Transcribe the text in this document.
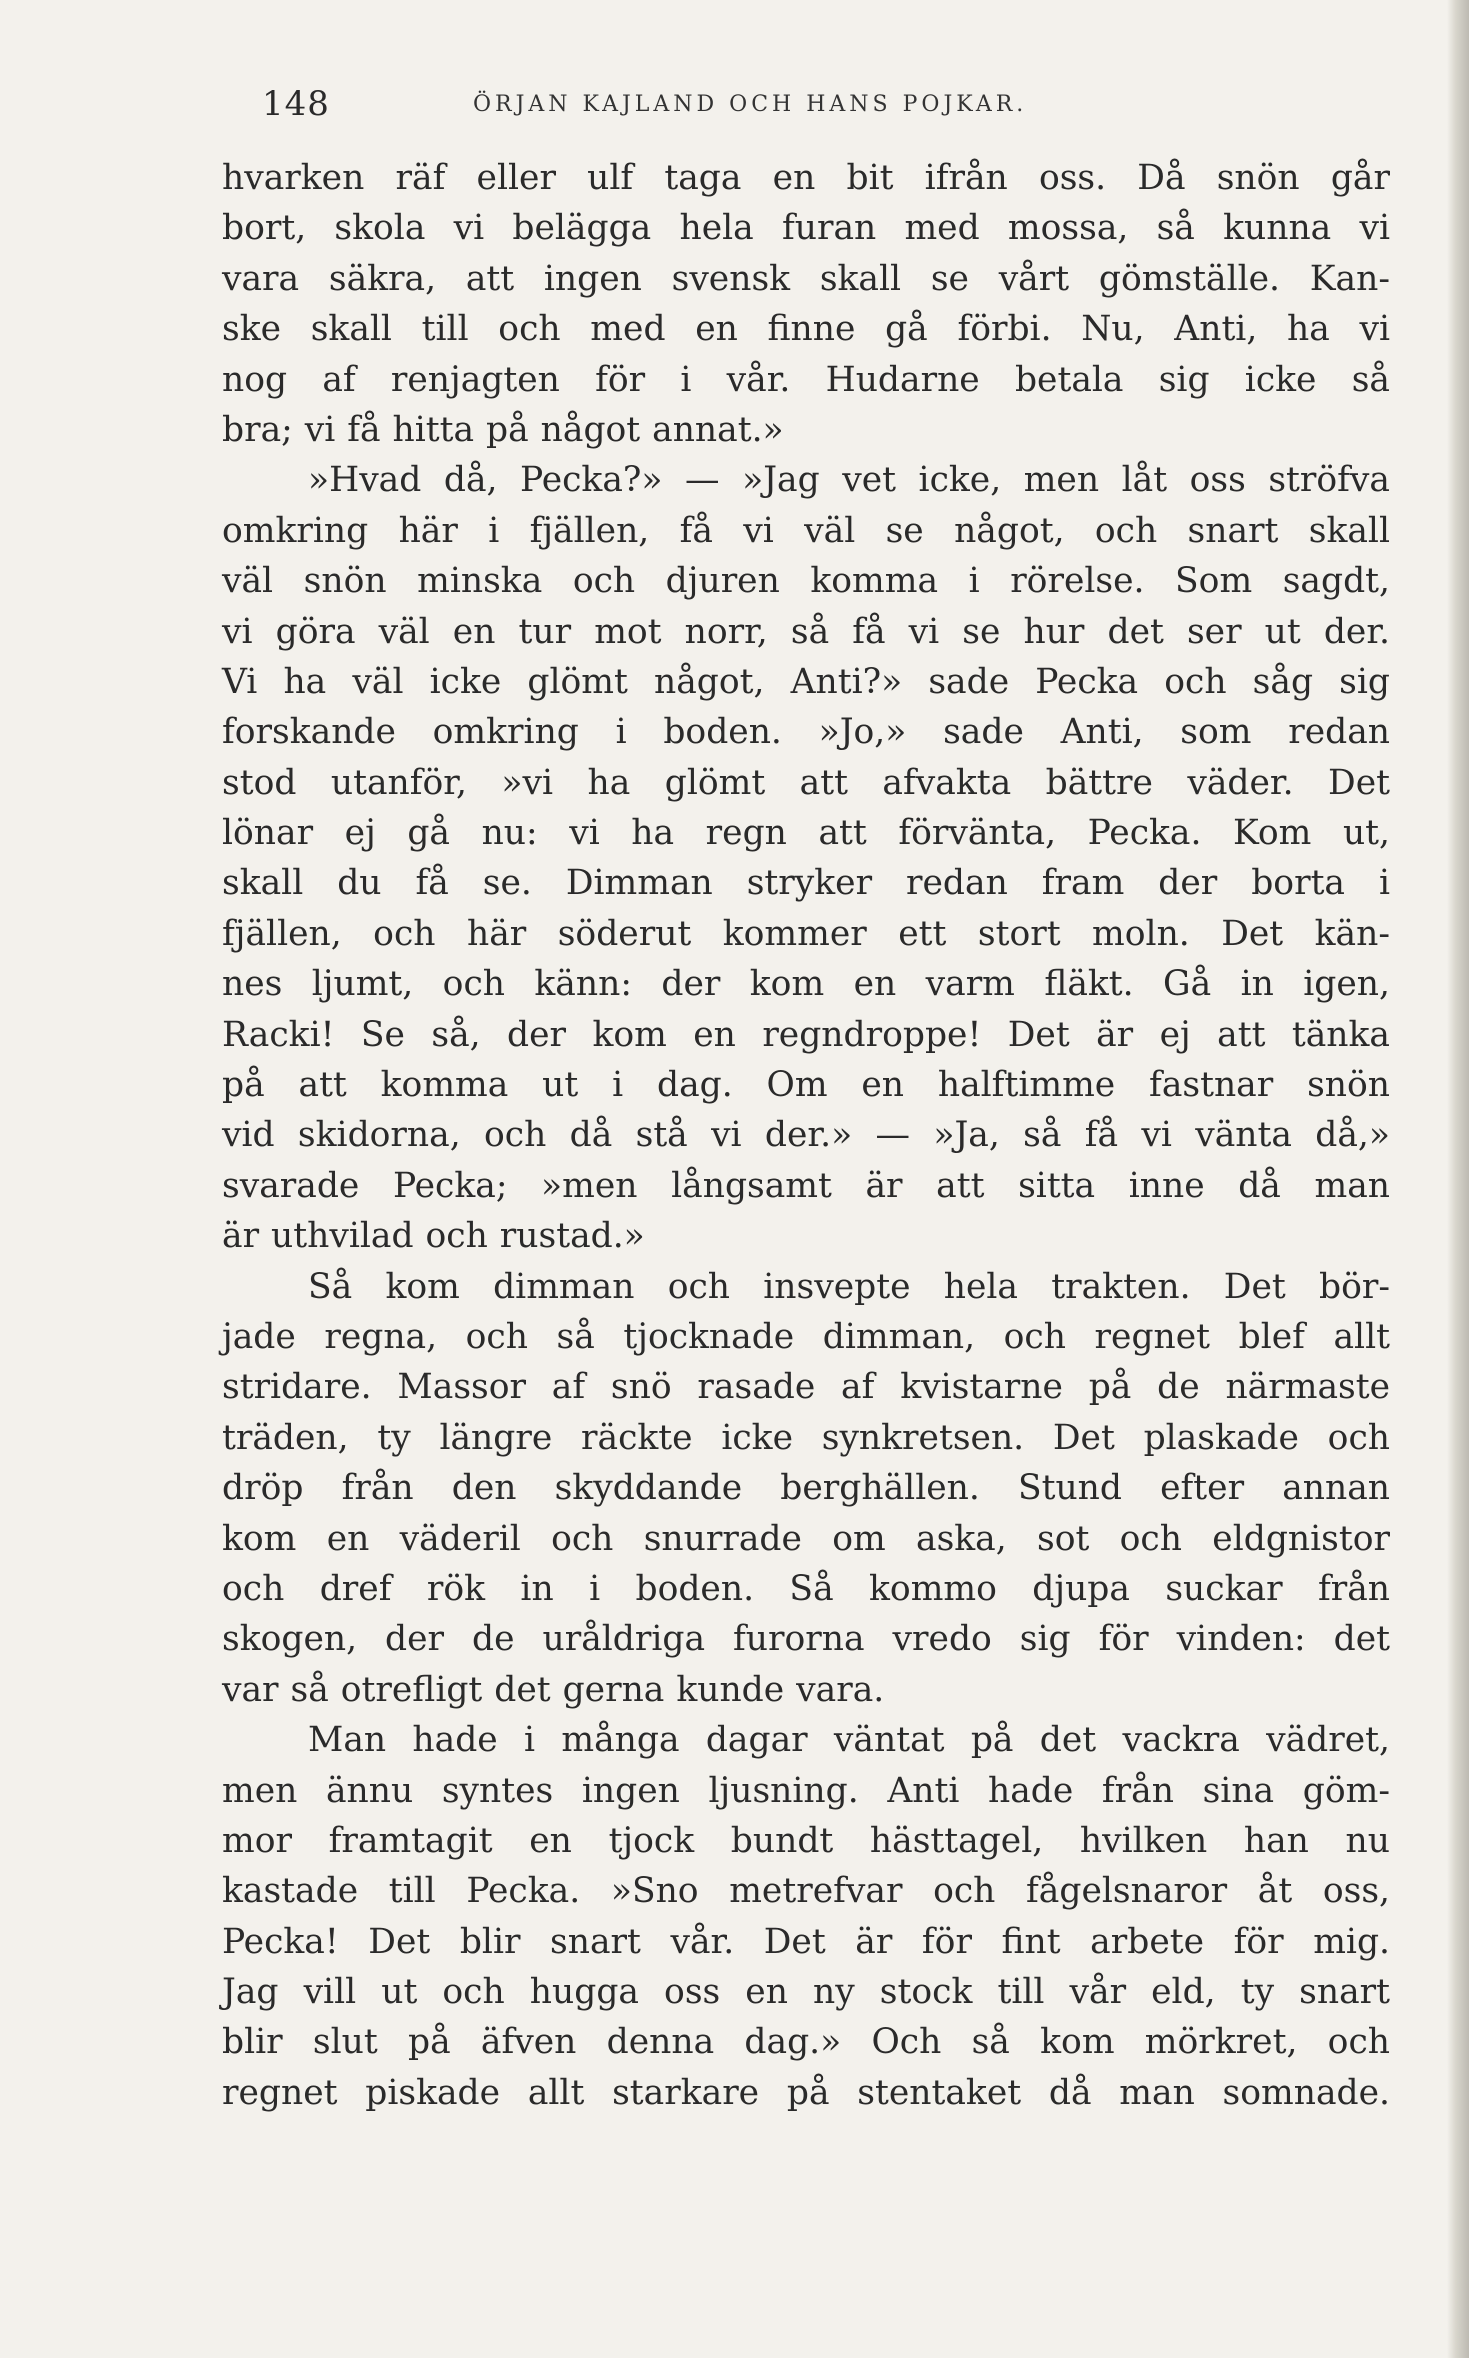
148	ÖRJAN KAJLAND OCH HANS POJKAR.
hvarken räf eller ulf taga en bit ifrån oss. Då snön går
bort, skola vi belägga hela furan med mossa, så kunna vi
vara säkra, att ingen svensk skall se vårt gömställe. Kan-
ske skall till och med en finne gå förbi. Nu, Anti, ha vi
nog af renjagten för i vår. Hudarne betala sig icke så
bra; vi få hitta på något annat.»
»Hvad då, Pecka?» — »Jag vet icke, men låt oss ströfva
omkring här i fjällen, få vi väl se något, och snart skall
väl snön minska och djuren komma i rörelse. Som sagdt,
vi göra väl en tur mot norr, så få vi se hur det ser ut der.
Vi ha väl icke glömt något, Anti?» sade Pecka och såg sig
forskande omkring i boden. »Jo,» sade Anti, som redan
stod utanför, »vi ha glömt att afvakta bättre väder. Det
lönar ej gå nu: vi ha regn att förvänta, Pecka. Kom ut,
skall du få se. Dimman stryker redan fram der borta i
fjällen, och här söderut kommer ett stort moln. Det kän-
nes ljumt, och känn: der kom en varm fläkt. Gå in igen,
Racki! Se så, der kom en regndroppe! Det är ej att tänka
på att komma ut i dag. Om en halftimme fastnar snön
vid skidorna, och då stå vi der.» — »Ja, så få vi vänta då,»
svarade Pecka; »men långsamt är att sitta inne då man
är uthvilad och rustad.»
Så kom dimman och insvepte hela trakten. Det bör-
jade regna, och så tjocknade dimman, och regnet blef allt
stridare. Massor af snö rasade af kvistarne på de närmaste
träden, ty längre räckte icke synkretsen. Det plaskade och
dröp från den skyddande berghällen. Stund efter annan
kom en väderil och snurrade om aska, sot och eldgnistor
och dref rök in i boden. Så kommo djupa suckar från
skogen, der de uråldriga furorna vredo sig för vinden: det
var så otrefligt det gerna kunde vara.
Man hade i många dagar väntat på det vackra vädret,
men ännu syntes ingen ljusning. Anti hade från sina göm-
mor framtagit en tjock bundt hästtagel, hvilken han nu
kastade till Pecka. »Sno metrefvar och fågelsnaror åt oss,
Pecka! Det blir snart vår. Det är för fint arbete för mig.
Jag vill ut och hugga oss en ny stock till vår eld, ty snart
blir slut på äfven denna dag.» Och så kom mörkret, och
regnet piskade allt starkare på stentaket då man somnade.
